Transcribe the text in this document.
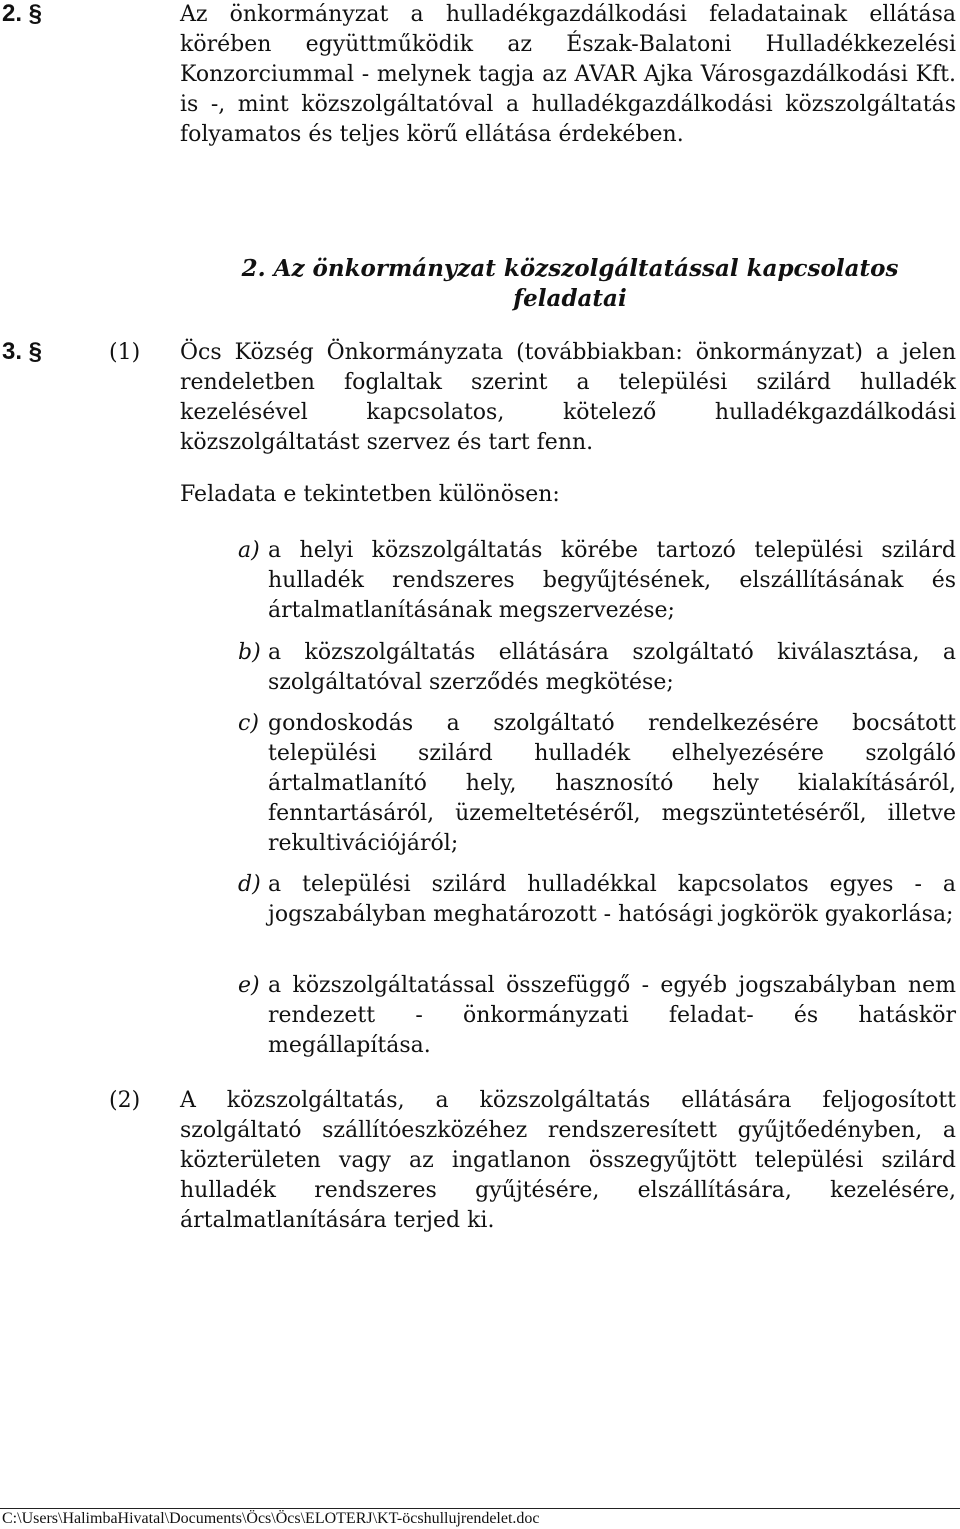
2. §	Az önkormányzat a hulladékgazdálkodási feladatainak ellátása körében együttműködik az Észak-Balatoni Hulladékkezelési Konzorciummal - melynek tagja az AVAR Ajka Városgazdálkodási Kft. is -, mint közszolgáltatóval a hulladékgazdálkodási közszolgáltatás folyamatos és teljes körű ellátása érdekében.
2. Az önkormányzat közszolgáltatással kapcsolatos
feladatai
3. §	(1) Öcs Község Önkormányzata (továbbiakban: önkormányzat) a jelen rendeletben foglaltak szerint a települési szilárd hulladék kezelésével kapcsolatos, kötelező hulladékgazdálkodási közszolgáltatást szervez és tart fenn.
Feladata e tekintetben különösen:
a) a helyi közszolgáltatás körébe tartozó települési szilárd hulladék rendszeres begyűjtésének, elszállításának és ártalmatlanításának megszervezése;
b) a közszolgáltatás ellátására szolgáltató kiválasztása, a szolgáltatóval szerződés megkötése;
c) gondoskodás a szolgáltató rendelkezésére bocsátott települési szilárd hulladék elhelyezésére szolgáló ártalmatlanító hely, hasznosító hely kialakításáról, fenntartásáról, üzemeltetéséről, megszüntetéséről, illetve rekultivációjáról;
d) a települési szilárd hulladékkal kapcsolatos egyes - a jogszabályban meghatározott - hatósági jogkörök gyakorlása;
e) a közszolgáltatással összefüggő - egyéb jogszabályban nem rendezett - önkormányzati feladat- és hatáskör megállapítása.
(2) A közszolgáltatás, a közszolgáltatás ellátására feljogosított szolgáltató szállítóeszközéhez rendszeresített gyűjtőedényben, a közterületen vagy az ingatlanon összegyűjtött települési szilárd hulladék rendszeres gyűjtésére, elszállítására, kezelésére, ártalmatlanítására terjed ki.
C:\Users\HalimbaHivatal\Documents\Öcs\Öcs\ELOTERJ\KT-öcshullujrendelet.doc
